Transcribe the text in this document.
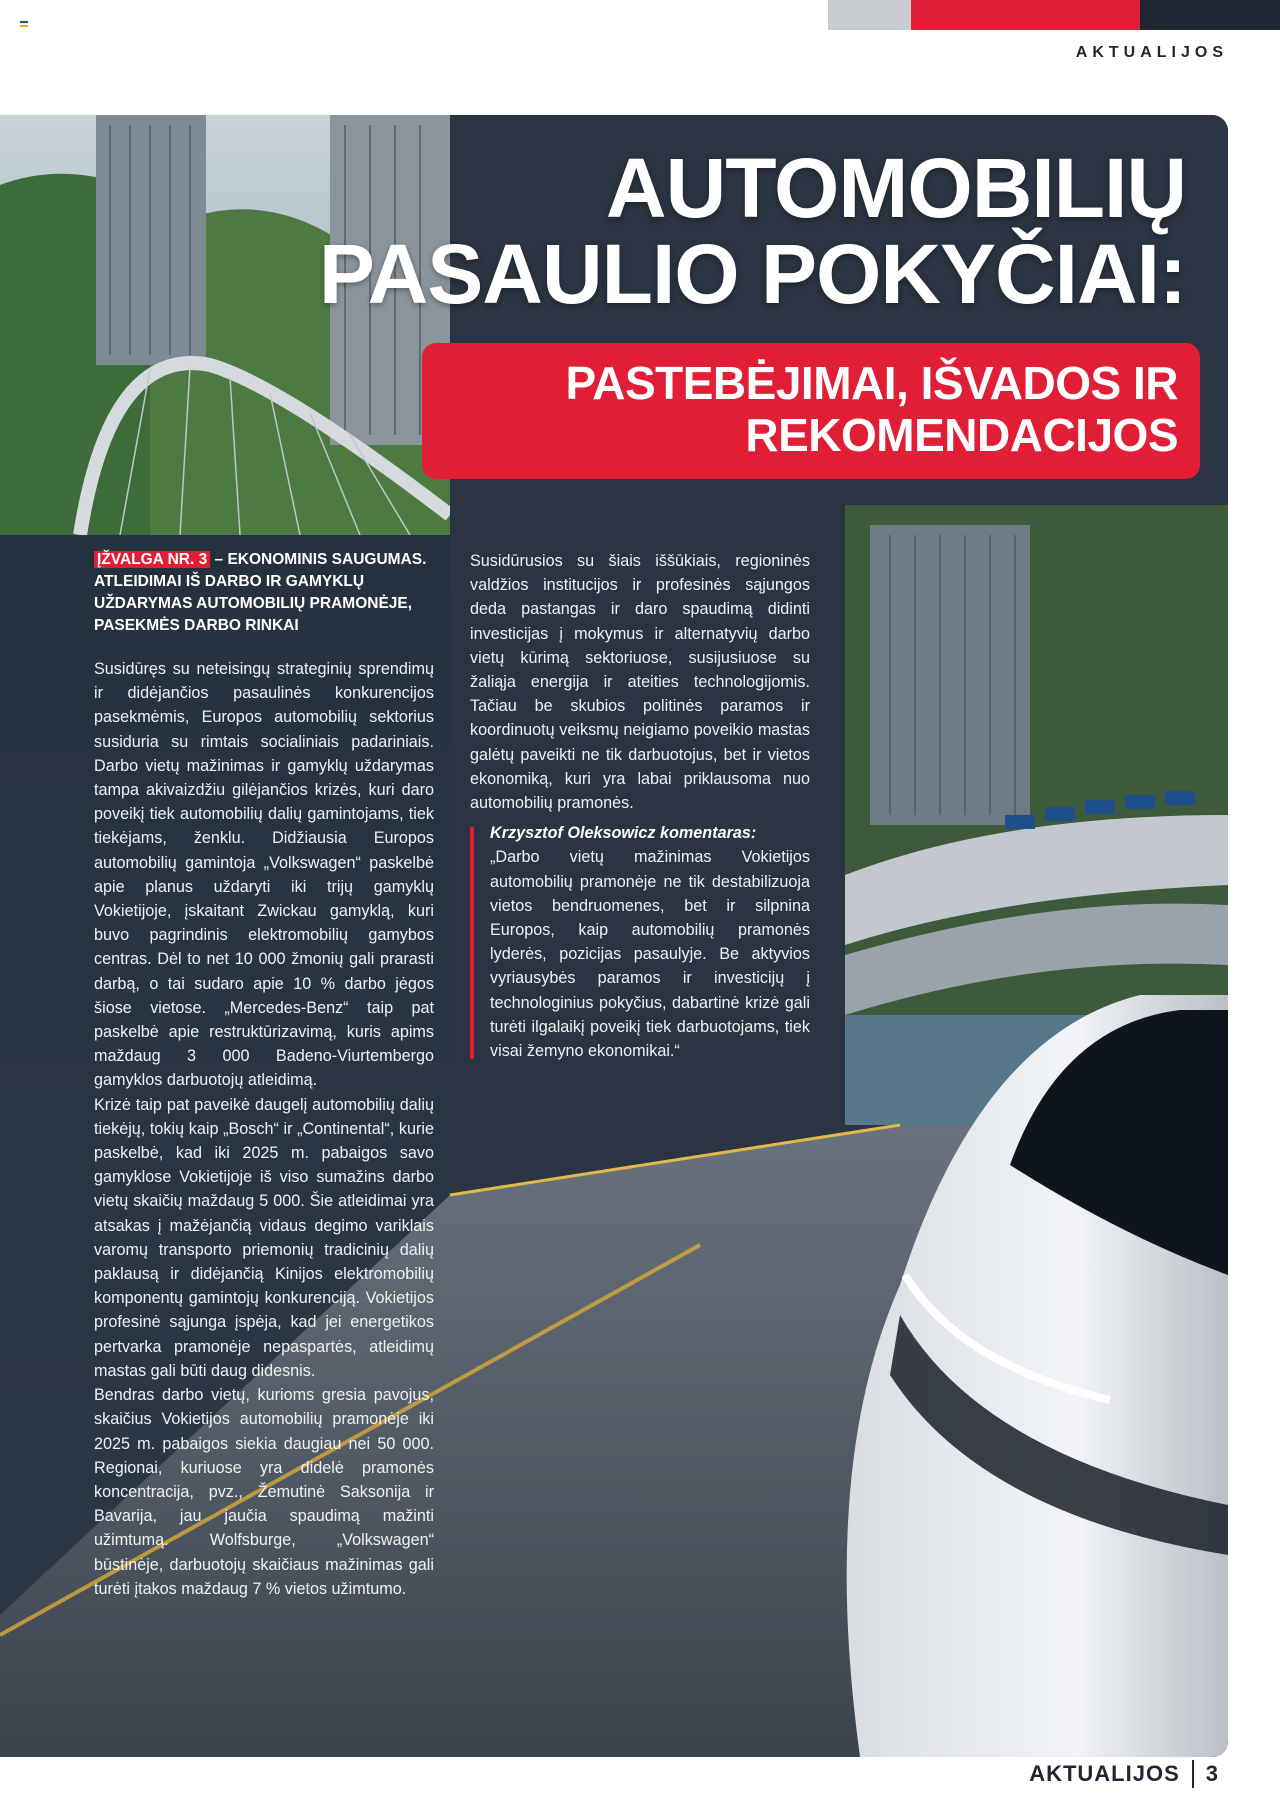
AKTUALIJOS
AUTOMOBILIŲ
PASAULIO POKYČIAI:
PASTEBĖJIMAI, IŠVADOS IR
REKOMENDACIJOS
ĮŽVALGA NR. 3 – EKONOMINIS SAUGUMAS. ATLEIDIMAI IŠ DARBO IR GAMYKLŲ UŽDARYMAS AUTOMOBILIŲ PRAMONĖJE, PASEKMĖS DARBO RINKAI

Susidūręs su neteisingų strateginių sprendimų ir didėjančios pasaulinės konkurencijos pasekmėmis, Europos automobilių sektorius susiduria su rimtais socialiniais padariniais. Darbo vietų mažinimas ir gamyklų uždarymas tampa akivaizdžiu gilėjančios krizės, kuri daro poveikį tiek automobilių dalių gamintojams, tiek tiekėjams, ženklu. Didžiausia Europos automobilių gamintoja „Volkswagen“ paskelbė apie planus uždaryti iki trijų gamyklų Vokietijoje, įskaitant Zwickau gamyklą, kuri buvo pagrindinis elektromobilių gamybos centras. Dėl to net 10 000 žmonių gali prarasti darbą, o tai sudaro apie 10 % darbo jėgos šiose vietose. „Mercedes-Benz“ taip pat paskelbė apie restruktūrizavimą, kuris apims maždaug 3 000 Badeno-Viurtembergo gamyklos darbuotojų atleidimą.

Krizė taip pat paveikė daugelį automobilių dalių tiekėjų, tokių kaip „Bosch“ ir „Continental“, kurie paskelbė, kad iki 2025 m. pabaigos savo gamyklose Vokietijoje iš viso sumažins darbo vietų skaičių maždaug 5 000. Šie atleidimai yra atsakas į mažėjančią vidaus degimo variklais varomų transporto priemonių tradicinių dalių paklausą ir didėjančią Kinijos elektromobilių komponentų gamintojų konkurenciją. Vokietijos profesinė sąjunga įspėja, kad jei energetikos pertvarka pramonėje nepaspartės, atleidimų mastas gali būti daug didesnis.

Bendras darbo vietų, kurioms gresia pavojus, skaičius Vokietijos automobilių pramonėje iki 2025 m. pabaigos siekia daugiau nei 50 000. Regionai, kuriuose yra didelė pramonės koncentracija, pvz., Žemutinė Saksonija ir Bavarija, jau jaučia spaudimą mažinti užimtumą. Wolfsburge, „Volkswagen“ būstinėje, darbuotojų skaičiaus mažinimas gali turėti įtakos maždaug 7 % vietos užimtumo.

Susidūrusios su šiais iššūkiais, regioninės valdžios institucijos ir profesinės sąjungos deda pastangas ir daro spaudimą didinti investicijas į mokymus ir alternatyvių darbo vietų kūrimą sektoriuose, susijusiuose su žaliąja energija ir ateities technologijomis. Tačiau be skubios politinės paramos ir koordinuotų veiksmų neigiamo poveikio mastas galėtų paveikti ne tik darbuotojus, bet ir vietos ekonomiką, kuri yra labai priklausoma nuo automobilių pramonės.

Krzysztof Oleksowicz komentaras:
„Darbo vietų mažinimas Vokietijos automobilių pramonėje ne tik destabilizuoja vietos bendruomenes, bet ir silpnina Europos, kaip automobilių pramonės lyderės, pozicijas pasaulyje. Be aktyvios vyriausybės paramos ir investicijų į technologinius pokyčius, dabartinė krizė gali turėti ilgalaikį poveikį tiek darbuotojams, tiek visai žemyno ekonomikai.“
AKTUALIJOS 3
